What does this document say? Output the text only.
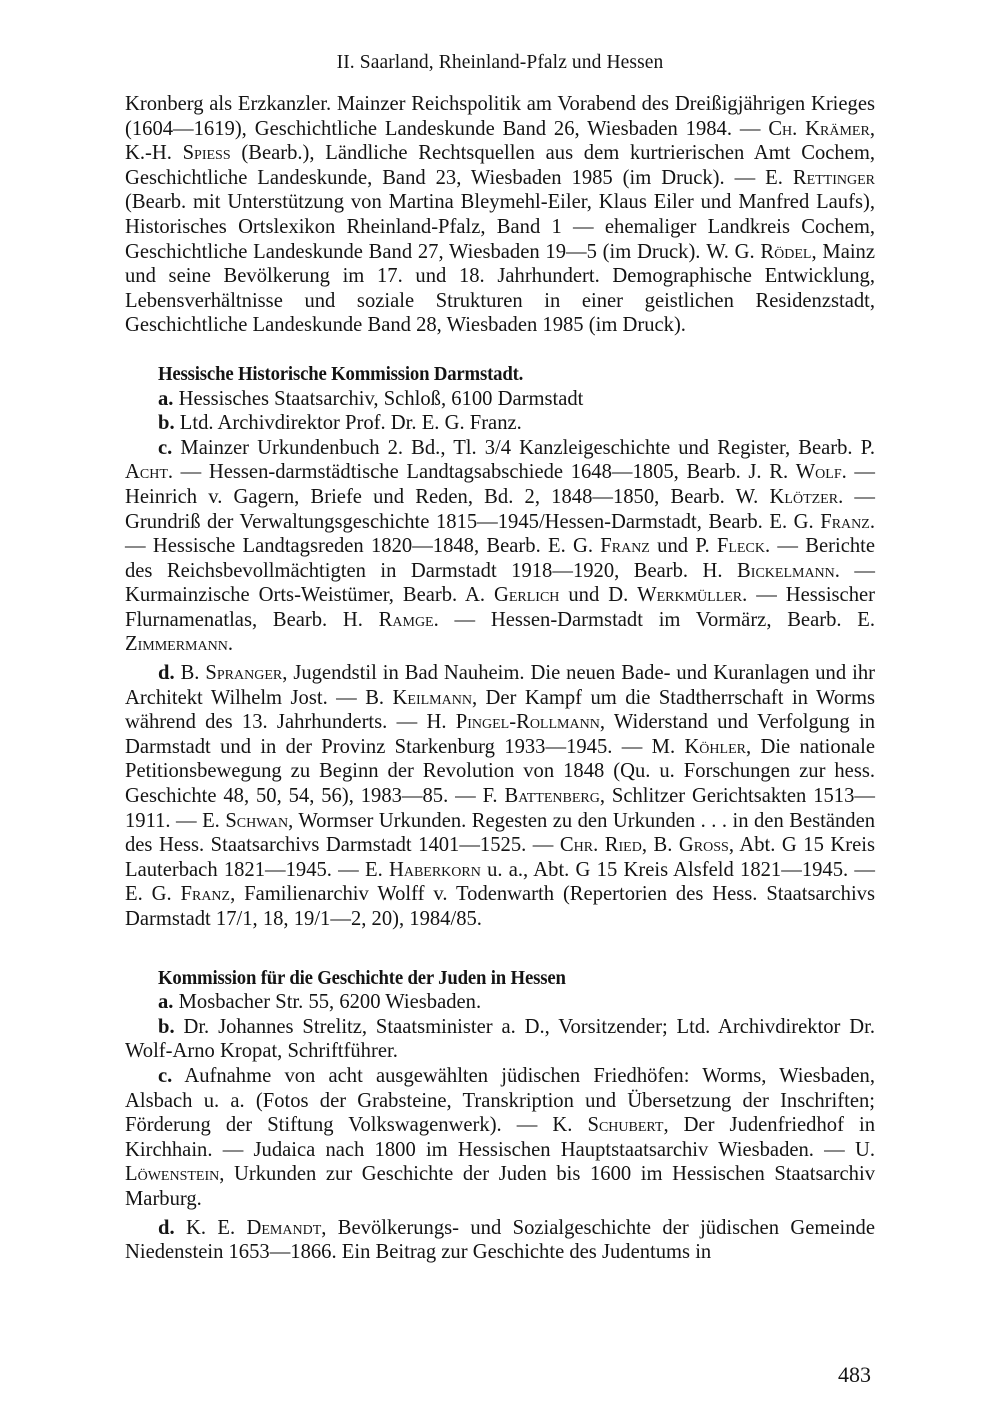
II. Saarland, Rheinland-Pfalz und Hessen

Kronberg als Erzkanzler. Mainzer Reichspolitik am Vorabend des Dreißigjährigen Krieges (1604—1619), Geschichtliche Landeskunde Band 26, Wiesbaden 1984. — Ch. Krämer, K.-H. Spiess (Bearb.), Ländliche Rechtsquellen aus dem kurtrierischen Amt Cochem, Geschichtliche Landeskunde, Band 23, Wiesbaden 1985 (im Druck). — E. Rettinger (Bearb. mit Unterstützung von Martina Bleymehl-Eiler, Klaus Eiler und Manfred Laufs), Historisches Ortslexikon Rheinland-Pfalz, Band 1 — ehemaliger Landkreis Cochem, Geschichtliche Landeskunde Band 27, Wiesbaden 19—5 (im Druck). W. G. Rödel, Mainz und seine Bevölkerung im 17. und 18. Jahrhundert. Demographische Entwicklung, Lebensverhältnisse und soziale Strukturen in einer geistlichen Residenzstadt, Geschichtliche Landeskunde Band 28, Wiesbaden 1985 (im Druck).

Hessische Historische Kommission Darmstadt.

a. Hessisches Staatsarchiv, Schloß, 6100 Darmstadt

b. Ltd. Archivdirektor Prof. Dr. E. G. Franz.

c. Mainzer Urkundenbuch 2. Bd., Tl. 3/4 Kanzleigeschichte und Register, Bearb. P. Acht. — Hessen-darmstädtische Landtagsabschiede 1648—1805, Bearb. J. R. Wolf. — Heinrich v. Gagern, Briefe und Reden, Bd. 2, 1848—1850, Bearb. W. Klötzer. — Grundriß der Verwaltungsgeschichte 1815—1945/Hessen-Darmstadt, Bearb. E. G. Franz. — Hessische Landtagsreden 1820—1848, Bearb. E. G. Franz und P. Fleck. — Berichte des Reichsbevollmächtigten in Darmstadt 1918—1920, Bearb. H. Bickelmann. — Kurmainzische Orts-Weistümer, Bearb. A. Gerlich und D. Werkmüller. — Hessischer Flurnamenatlas, Bearb. H. Ramge. — Hessen-Darmstadt im Vormärz, Bearb. E. Zimmermann.

d. B. Spranger, Jugendstil in Bad Nauheim. Die neuen Bade- und Kuranlagen und ihr Architekt Wilhelm Jost. — B. Keilmann, Der Kampf um die Stadtherrschaft in Worms während des 13. Jahrhunderts. — H. Pingel-Rollmann, Widerstand und Verfolgung in Darmstadt und in der Provinz Starkenburg 1933—1945. — M. Köhler, Die nationale Petitionsbewegung zu Beginn der Revolution von 1848 (Qu. u. Forschungen zur hess. Geschichte 48, 50, 54, 56), 1983—85. — F. Battenberg, Schlitzer Gerichtsakten 1513—1911. — E. Schwan, Wormser Urkunden. Regesten zu den Urkunden . . . in den Beständen des Hess. Staatsarchivs Darmstadt 1401—1525. — Chr. Ried, B. Gross, Abt. G 15 Kreis Lauterbach 1821—1945. — E. Haberkorn u. a., Abt. G 15 Kreis Alsfeld 1821—1945. — E. G. Franz, Familienarchiv Wolff v. Todenwarth (Repertorien des Hess. Staatsarchivs Darmstadt 17/1, 18, 19/1—2, 20), 1984/85.

Kommission für die Geschichte der Juden in Hessen

a. Mosbacher Str. 55, 6200 Wiesbaden.

b. Dr. Johannes Strelitz, Staatsminister a. D., Vorsitzender; Ltd. Archivdirektor Dr. Wolf-Arno Kropat, Schriftführer.

c. Aufnahme von acht ausgewählten jüdischen Friedhöfen: Worms, Wiesbaden, Alsbach u. a. (Fotos der Grabsteine, Transkription und Übersetzung der Inschriften; Förderung der Stiftung Volkswagenwerk). — K. Schubert, Der Judenfriedhof in Kirchhain. — Judaica nach 1800 im Hessischen Hauptstaatsarchiv Wiesbaden. — U. Löwenstein, Urkunden zur Geschichte der Juden bis 1600 im Hessischen Staatsarchiv Marburg.

d. K. E. Demandt, Bevölkerungs- und Sozialgeschichte der jüdischen Gemeinde Niedenstein 1653—1866. Ein Beitrag zur Geschichte des Judentums in

483
